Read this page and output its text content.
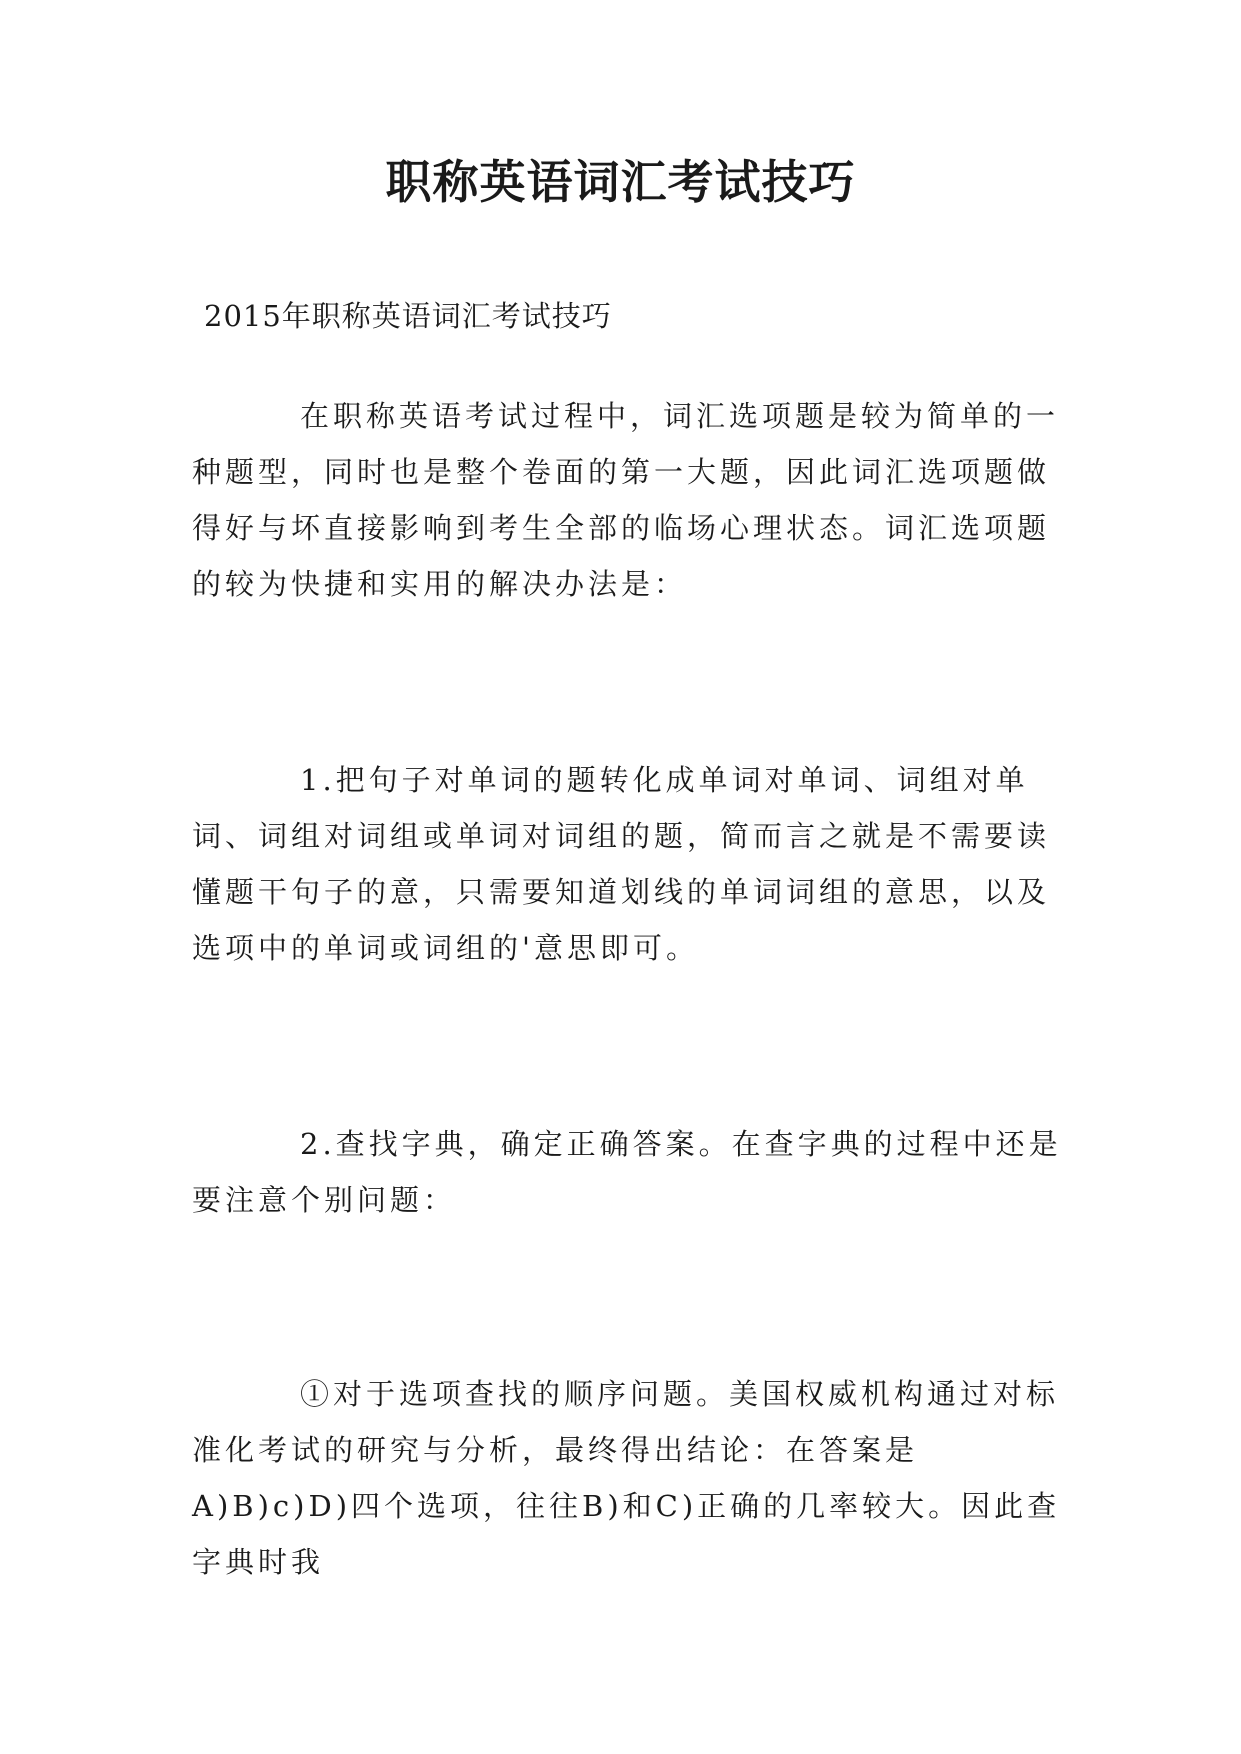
职称英语词汇考试技巧
2015年职称英语词汇考试技巧

在职称英语考试过程中，词汇选项题是较为简单的一种题型，同时也是整个卷面的第一大题，因此词汇选项题做得好与坏直接影响到考生全部的临场心理状态。词汇选项题的较为快捷和实用的解决办法是：

1.把句子对单词的题转化成单词对单词、词组对单词、词组对词组或单词对词组的题，简而言之就是不需要读懂题干句子的意，只需要知道划线的单词词组的意思，以及选项中的单词或词组的'意思即可。

2.查找字典，确定正确答案。在查字典的过程中还是要注意个别问题：

①对于选项查找的顺序问题。美国权威机构通过对标准化考试的研究与分析，最终得出结论：在答案是A)B)c)D)四个选项，往往B)和C)正确的几率较大。因此查字典时我
